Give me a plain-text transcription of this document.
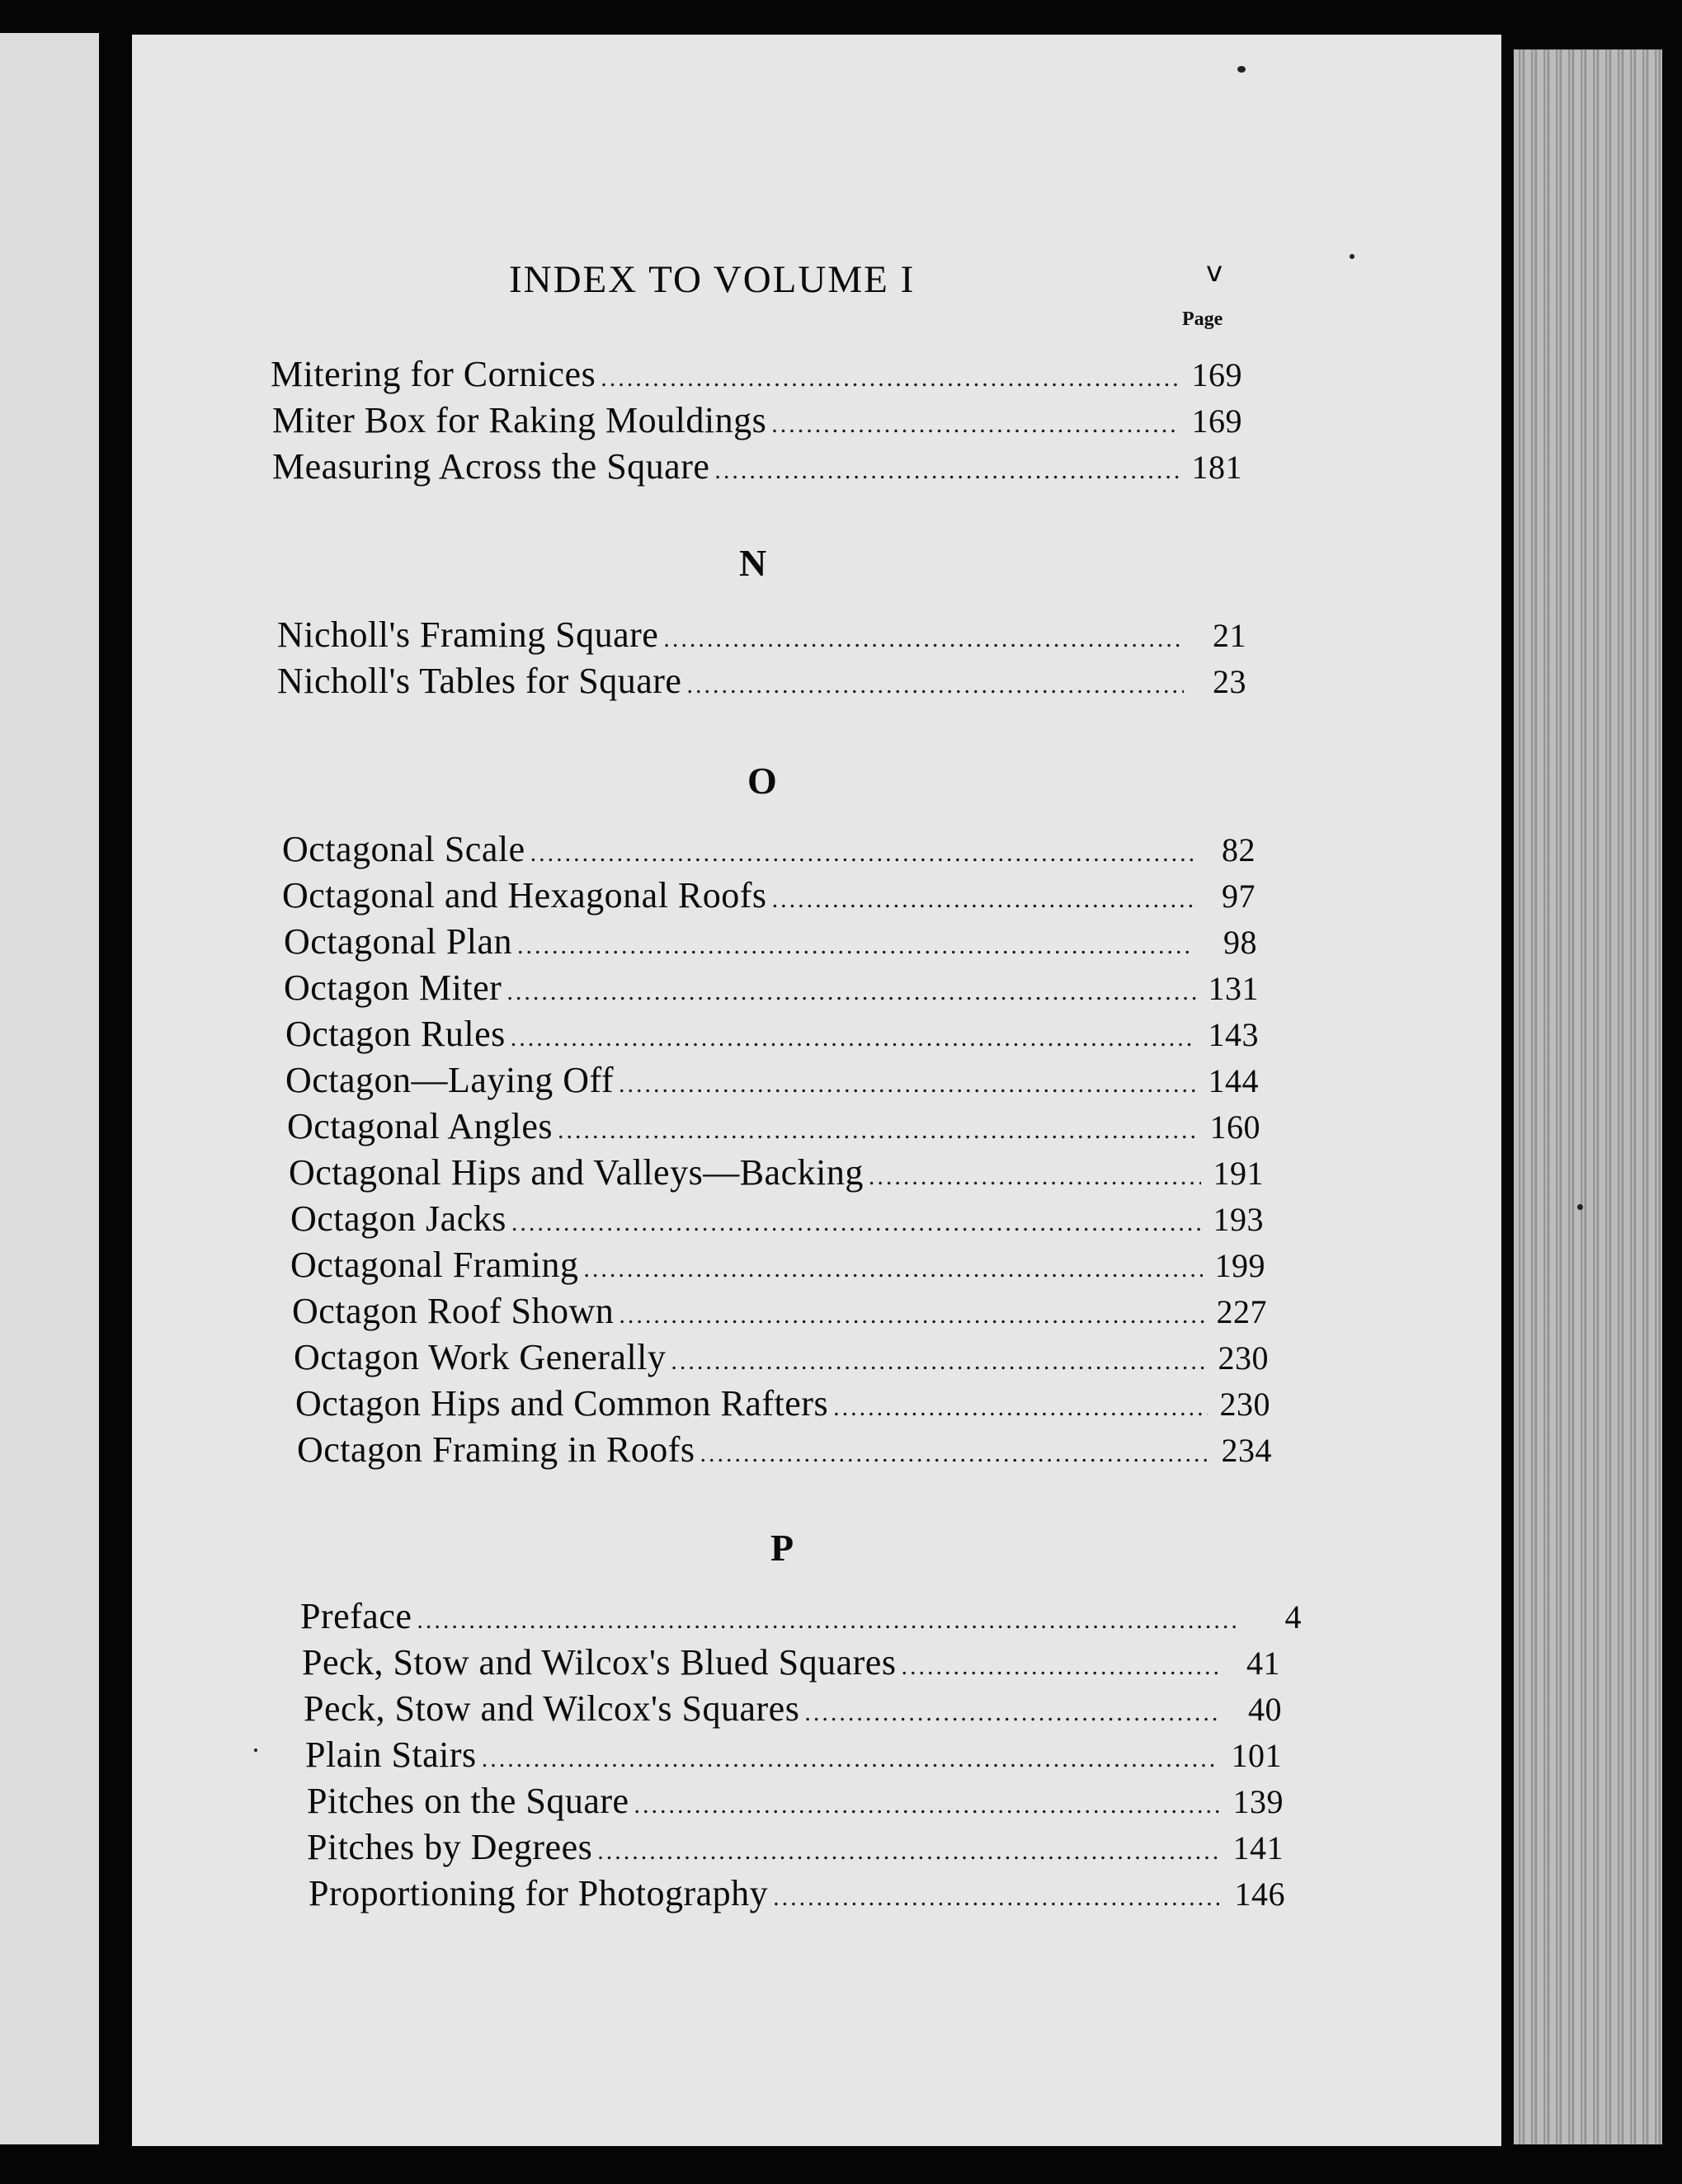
INDEX TO VOLUME I	v
Page
Mitering for Cornices .....	169
Miter Box for Raking Mouldings .....	169
Measuring Across the Square .....	181
N
Nicholl's Framing Square .....	21
Nicholl's Tables for Square .....	23
O
Octagonal Scale .....	82
Octagonal and Hexagonal Roofs .....	97
Octagonal Plan .....	98
Octagon Miter .....	131
Octagon Rules .....	143
Octagon—Laying Off .....	144
Octagonal Angles .....	160
Octagonal Hips and Valleys—Backing .....	191
Octagon Jacks .....	193
Octagonal Framing .....	199
Octagon Roof Shown .....	227
Octagon Work Generally .....	230
Octagon Hips and Common Rafters .....	230
Octagon Framing in Roofs .....	234
P
Preface .....	4
Peck, Stow and Wilcox's Blued Squares .....	41
Peck, Stow and Wilcox's Squares .....	40
Plain Stairs .....	101
Pitches on the Square .....	139
Pitches by Degrees .....	141
Proportioning for Photography .....	146
